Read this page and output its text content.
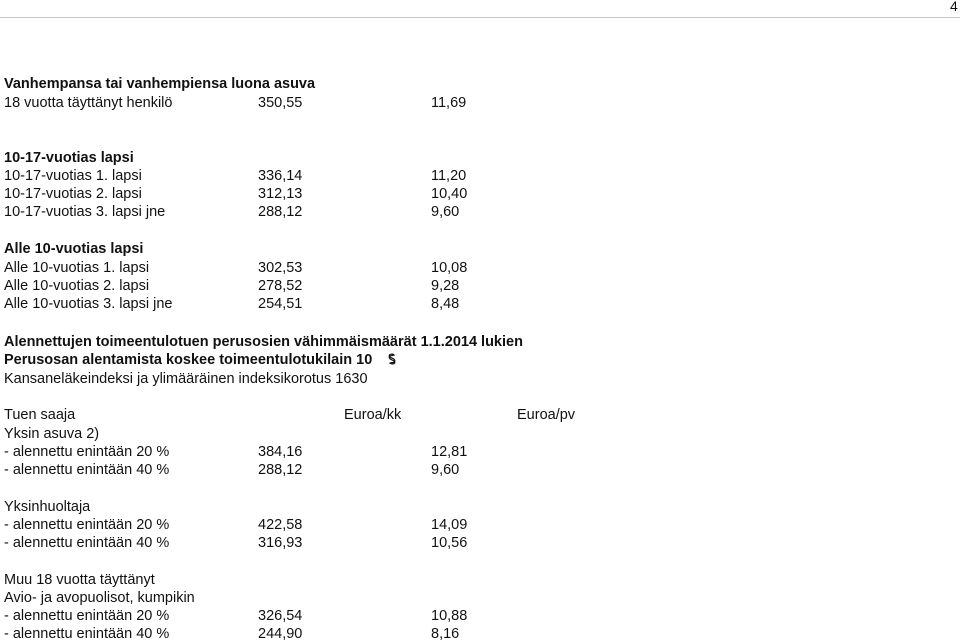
4
Vanhempansa tai vanhempiensa luona asuva
18 vuotta täyttänyt henkilö	350,55	11,69
10-17-vuotias lapsi
10-17-vuotias 1. lapsi	336,14	11,20
10-17-vuotias 2. lapsi	312,13	10,40
10-17-vuotias 3. lapsi jne	288,12	9,60
Alle 10-vuotias lapsi
Alle 10-vuotias 1. lapsi	302,53	10,08
Alle 10-vuotias 2. lapsi	278,52	9,28
Alle 10-vuotias 3. lapsi jne	254,51	8,48
Alennettujen toimeentulotuen perusosien vähimmäismäärät 1.1.2014 lukien
Perusosan alentamista koskee toimeentulotukilain 10
Kansaneläkeindeksi ja ylimääräinen indeksikorotus 1630
Tuen saaja	Euroa/kk	Euroa/pv
Yksin asuva 2)
- alennettu enintään 20 %	384,16	12,81
- alennettu enintään 40 %	288,12	9,60
Yksinhuoltaja
- alennettu enintään 20 %	422,58	14,09
- alennettu enintään 40 %	316,93	10,56
Muu 18 vuotta täyttänyt
Avio- ja avopuolisot, kumpikin
- alennettu enintään 20 %	326,54	10,88
- alennettu enintään 40 %	244,90	8,16
